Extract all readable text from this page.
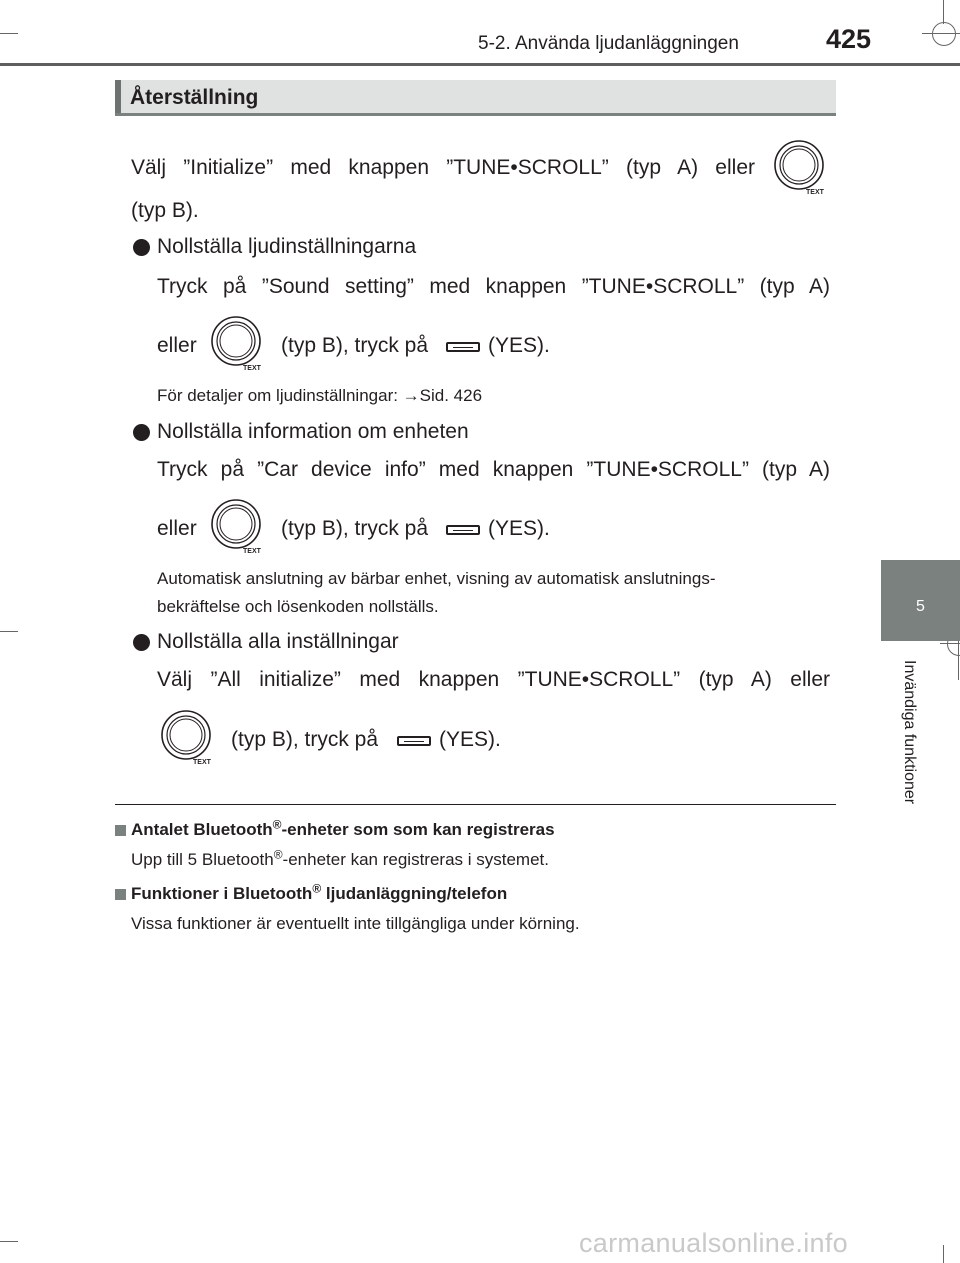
5-2. Använda ljudanläggningen	425
5
Invändiga funktioner
Återställning
Välj ”Initialize” med knappen ”TUNE•SCROLL” (typ A) eller
TEXT
(typ B).
Nollställa ljudinställningarna
Tryck på ”Sound setting” med knappen ”TUNE•SCROLL” (typ A)
eller
TEXT
(typ B), tryck på	(YES).
För detaljer om ljudinställningar: →Sid. 426
Nollställa information om enheten
Tryck på ”Car device info” med knappen ”TUNE•SCROLL” (typ A)
eller
TEXT
(typ B), tryck på	(YES).
Automatisk anslutning av bärbar enhet, visning av automatisk anslutnings-
bekräftelse och lösenkoden nollställs.
Nollställa alla inställningar
Välj ”All initialize” med knappen ”TUNE•SCROLL” (typ A) eller
TEXT
(typ B), tryck på	(YES).
Antalet Bluetooth®-enheter som som kan registreras
Upp till 5 Bluetooth®-enheter kan registreras i systemet.
Funktioner i Bluetooth® ljudanläggning/telefon
Vissa funktioner är eventuellt inte tillgängliga under körning.
carmanualsonline.info
